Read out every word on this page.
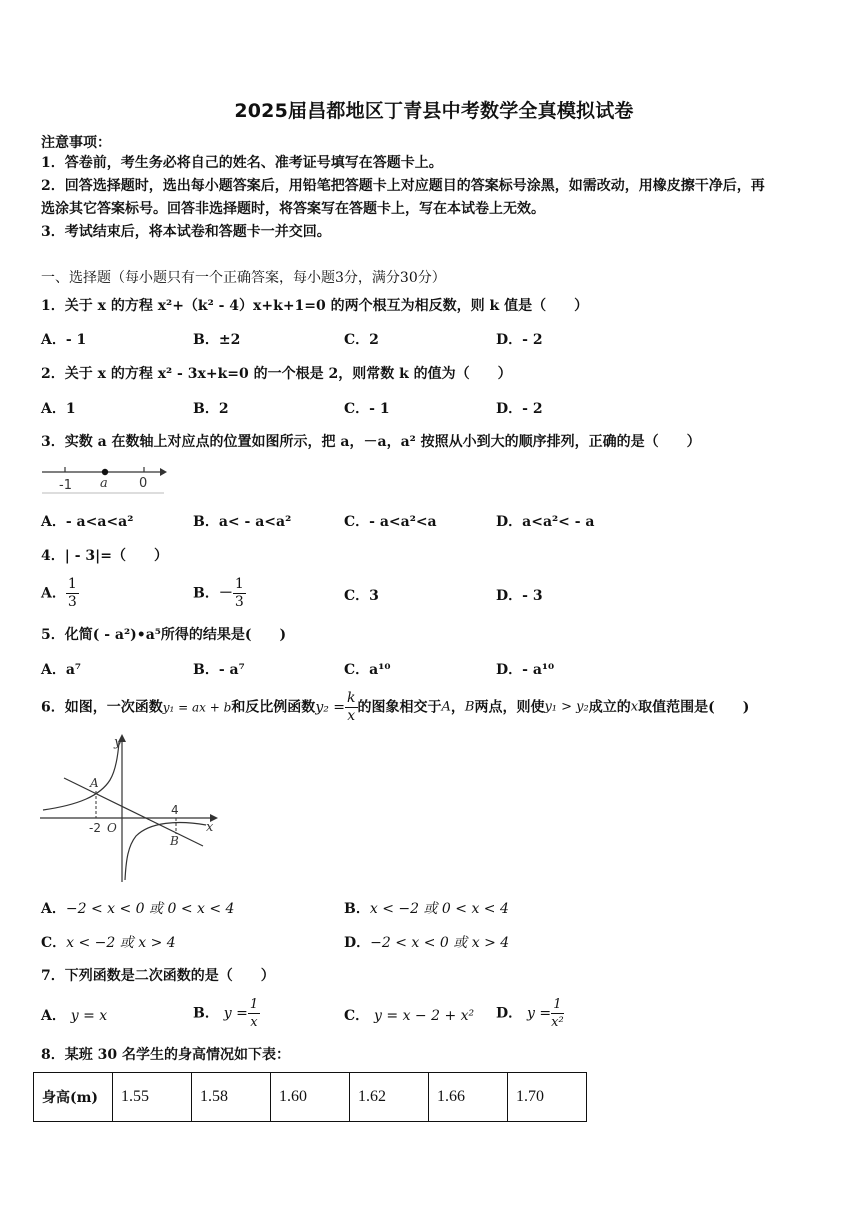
2025届昌都地区丁青县中考数学全真模拟试卷
注意事项：
1．答卷前，考生务必将自己的姓名、准考证号填写在答题卡上。
2．回答选择题时，选出每小题答案后，用铅笔把答题卡上对应题目的答案标号涂黑，如需改动，用橡皮擦干净后，再
选涂其它答案标号。回答非选择题时，将答案写在答题卡上，写在本试卷上无效。
3．考试结束后，将本试卷和答题卡一并交回。
一、选择题（每小题只有一个正确答案，每小题3分，满分30分）
1．关于 x 的方程 x²+（k² - 4）x+k+1=0 的两个根互为相反数，则 k 值是（　　）
A．- 1	B．±2	C．2	D．- 2
2．关于 x 的方程 x² - 3x+k=0 的一个根是 2，则常数 k 的值为（　　）
A．1	B．2	C．- 1	D．- 2
3．实数 a 在数轴上对应点的位置如图所示，把 a，－a，a² 按照从小到大的顺序排列，正确的是（　　）
-1 a 0
A．- a<a<a²	B．a< - a<a²	C．- a<a²<a	D．a<a²< - a
4．| - 3|=（　　）
A． $\frac{1}{3}$	B．－ $\frac{1}{3}$	C．3	D．- 3
5．化简( - a²)•a⁵所得的结果是(　　)
A．a⁷	B．- a⁷	C．a¹⁰	D．- a¹⁰
6．如图，一次函数y₁ = ax + b和反比例函数$y_2 = \frac{k}{x}$ 的图象相交于A，B两点，则使y₁ > y₂成立的x取值范围是(　　)
y
x
A
B
-2 O
4
A．−2 < x < 0 或 0 < x < 4	B．x < −2 或 0 < x < 4
C．x < −2 或 x > 4	D．−2 < x < 0 或 x > 4
7．下列函数是二次函数的是（　　）
A． y = x	B． $y = \frac{1}{x}$	C． y = x − 2 + x² D． $y = \frac{1}{\text{x²}}$
8．某班 30 名学生的身高情况如下表：
身高(m)	1.55	1.58	1.60	1.62	1.66	1.70
